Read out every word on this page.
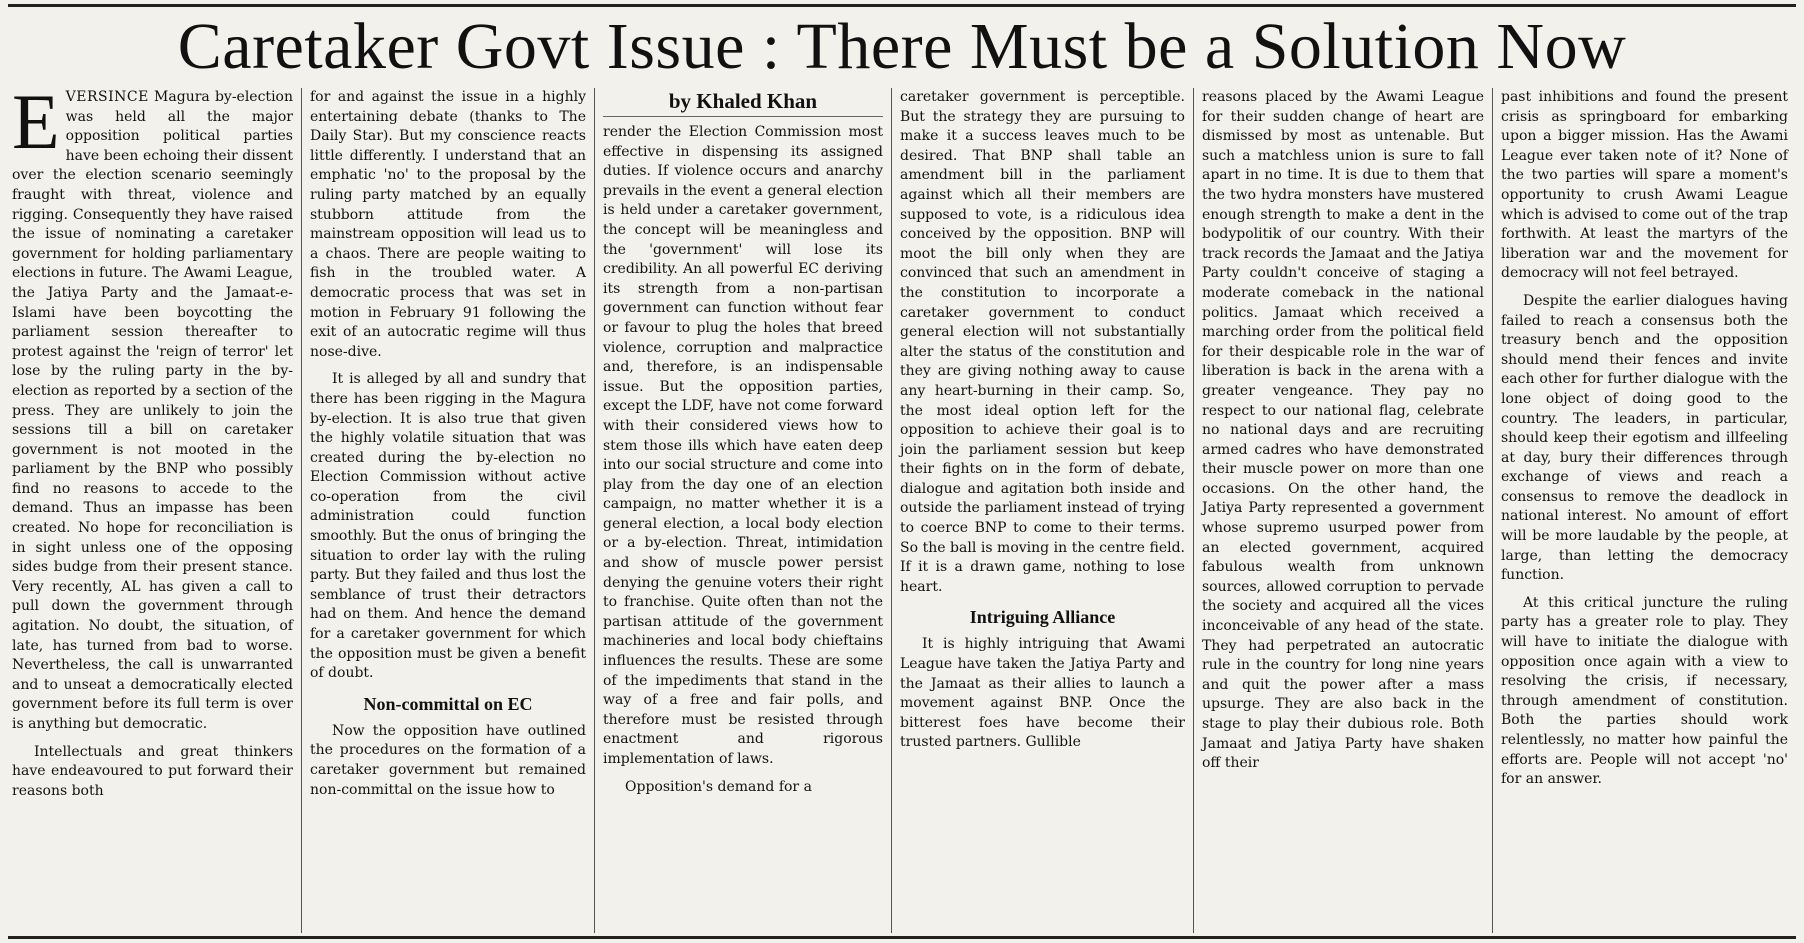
Caretaker Govt Issue : There Must be a Solution Now

EVERSINCE Magura by-election was held all the major opposition political parties have been echoing their dissent over the election scenario seemingly fraught with threat, violence and rigging. Consequently they have raised the issue of nominating a caretaker government for holding parliamentary elections in future. The Awami League, the Jatiya Party and the Jamaat-e-Islami have been boycotting the parliament session thereafter to protest against the 'reign of terror' let lose by the ruling party in the by-election as reported by a section of the press. They are unlikely to join the sessions till a bill on caretaker government is not mooted in the parliament by the BNP who possibly find no reasons to accede to the demand. Thus an impasse has been created. No hope for reconciliation is in sight unless one of the opposing sides budge from their present stance. Very recently, AL has given a call to pull down the government through agitation. No doubt, the situation, of late, has turned from bad to worse. Nevertheless, the call is unwarranted and to unseat a democratically elected government before its full term is over is anything but democratic.

Intellectuals and great thinkers have endeavoured to put forward their reasons both

for and against the issue in a highly entertaining debate (thanks to The Daily Star). But my conscience reacts little differently. I understand that an emphatic 'no' to the proposal by the ruling party matched by an equally stubborn attitude from the mainstream opposition will lead us to a chaos. There are people waiting to fish in the troubled water. A democratic process that was set in motion in February 91 following the exit of an autocratic regime will thus nose-dive.

It is alleged by all and sundry that there has been rigging in the Magura by-election. It is also true that given the highly volatile situation that was created during the by-election no Election Commission without active co-operation from the civil administration could function smoothly. But the onus of bringing the situation to order lay with the ruling party. But they failed and thus lost the semblance of trust their detractors had on them. And hence the demand for a caretaker government for which the opposition must be given a benefit of doubt.

Non-committal on EC

Now the opposition have outlined the procedures on the formation of a caretaker government but remained non-committal on the issue how to

by Khaled Khan

render the Election Commission most effective in dispensing its assigned duties. If violence occurs and anarchy prevails in the event a general election is held under a caretaker government, the concept will be meaningless and the 'government' will lose its credibility. An all powerful EC deriving its strength from a non-partisan government can function without fear or favour to plug the holes that breed violence, corruption and malpractice and, therefore, is an indispensable issue. But the opposition parties, except the LDF, have not come forward with their considered views how to stem those ills which have eaten deep into our social structure and come into play from the day one of an election campaign, no matter whether it is a general election, a local body election or a by-election. Threat, intimidation and show of muscle power persist denying the genuine voters their right to franchise. Quite often than not the partisan attitude of the government machineries and local body chieftains influences the results. These are some of the impediments that stand in the way of a free and fair polls, and therefore must be resisted through enactment and rigorous implementation of laws.

Opposition's demand for a

caretaker government is perceptible. But the strategy they are pursuing to make it a success leaves much to be desired. That BNP shall table an amendment bill in the parliament against which all their members are supposed to vote, is a ridiculous idea conceived by the opposition. BNP will moot the bill only when they are convinced that such an amendment in the constitution to incorporate a caretaker government to conduct general election will not substantially alter the status of the constitution and they are giving nothing away to cause any heart-burning in their camp. So, the most ideal option left for the opposition to achieve their goal is to join the parliament session but keep their fights on in the form of debate, dialogue and agitation both inside and outside the parliament instead of trying to coerce BNP to come to their terms. So the ball is moving in the centre field. If it is a drawn game, nothing to lose heart.

Intriguing Alliance

It is highly intriguing that Awami League have taken the Jatiya Party and the Jamaat as their allies to launch a movement against BNP. Once the bitterest foes have become their trusted partners. Gullible

reasons placed by the Awami League for their sudden change of heart are dismissed by most as untenable. But such a matchless union is sure to fall apart in no time. It is due to them that the two hydra monsters have mustered enough strength to make a dent in the bodypolitik of our country. With their track records the Jamaat and the Jatiya Party couldn't conceive of staging a moderate comeback in the national politics. Jamaat which received a marching order from the political field for their despicable role in the war of liberation is back in the arena with a greater vengeance. They pay no respect to our national flag, celebrate no national days and are recruiting armed cadres who have demonstrated their muscle power on more than one occasions. On the other hand, the Jatiya Party represented a government whose supremo usurped power from an elected government, acquired fabulous wealth from unknown sources, allowed corruption to pervade the society and acquired all the vices inconceivable of any head of the state. They had perpetrated an autocratic rule in the country for long nine years and quit the power after a mass upsurge. They are also back in the stage to play their dubious role. Both Jamaat and Jatiya Party have shaken off their

past inhibitions and found the present crisis as springboard for embarking upon a bigger mission. Has the Awami League ever taken note of it? None of the two parties will spare a moment's opportunity to crush Awami League which is advised to come out of the trap forthwith. At least the martyrs of the liberation war and the movement for democracy will not feel betrayed.

Despite the earlier dialogues having failed to reach a consensus both the treasury bench and the opposition should mend their fences and invite each other for further dialogue with the lone object of doing good to the country. The leaders, in particular, should keep their egotism and illfeeling at day, bury their differences through exchange of views and reach a consensus to remove the deadlock in national interest. No amount of effort will be more laudable by the people, at large, than letting the democracy function.

At this critical juncture the ruling party has a greater role to play. They will have to initiate the dialogue with opposition once again with a view to resolving the crisis, if necessary, through amendment of constitution. Both the parties should work relentlessly, no matter how painful the efforts are. People will not accept 'no' for an answer.
